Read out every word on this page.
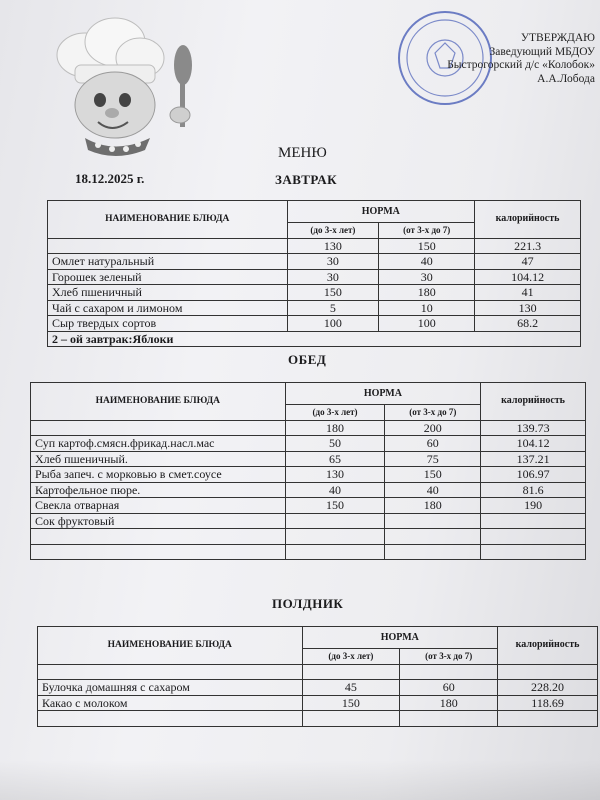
УТВЕРЖДАЮ
Заведующий МБДОУ
Быстрогорский д/с «Колобок»
А.А.Лобода
МЕНЮ
18.12.2025 г.	ЗАВТРАК
НАИМЕНОВАНИЕ БЛЮДА	НОРМА		калорийность
	(до 3-х лет)	(от 3-х до 7)	
	130	150	221.3
Омлет натуральный	30	40	47
Горошек зеленый	30	30	104.12
Хлеб пшеничный	150	180	41
Чай с сахаром и лимоном	5	10	130
Сыр твердых сортов	100	100	68.2
2 – ой завтрак:Яблоки			
ОБЕД
НАИМЕНОВАНИЕ БЛЮДА	НОРМА		калорийность
	(до 3-х лет)	(от 3-х до 7)	
	180	200	139.73
Суп картоф.смясн.фрикад.насл.мас	50	60	104.12
Хлеб пшеничный.	65	75	137.21
Рыба запеч. с морковью в смет.соусе	130	150	106.97
Картофельное пюре.	40	40	81.6
Свекла отварная	150	180	190
Сок фруктовый			

ПОЛДНИК
НАИМЕНОВАНИЕ БЛЮДА	НОРМА		калорийность
	(до 3-х лет)	(от 3-х до 7)	

Булочка домашняя с сахаром	45	60	228.20
Какао с молоком	150	180	118.69
